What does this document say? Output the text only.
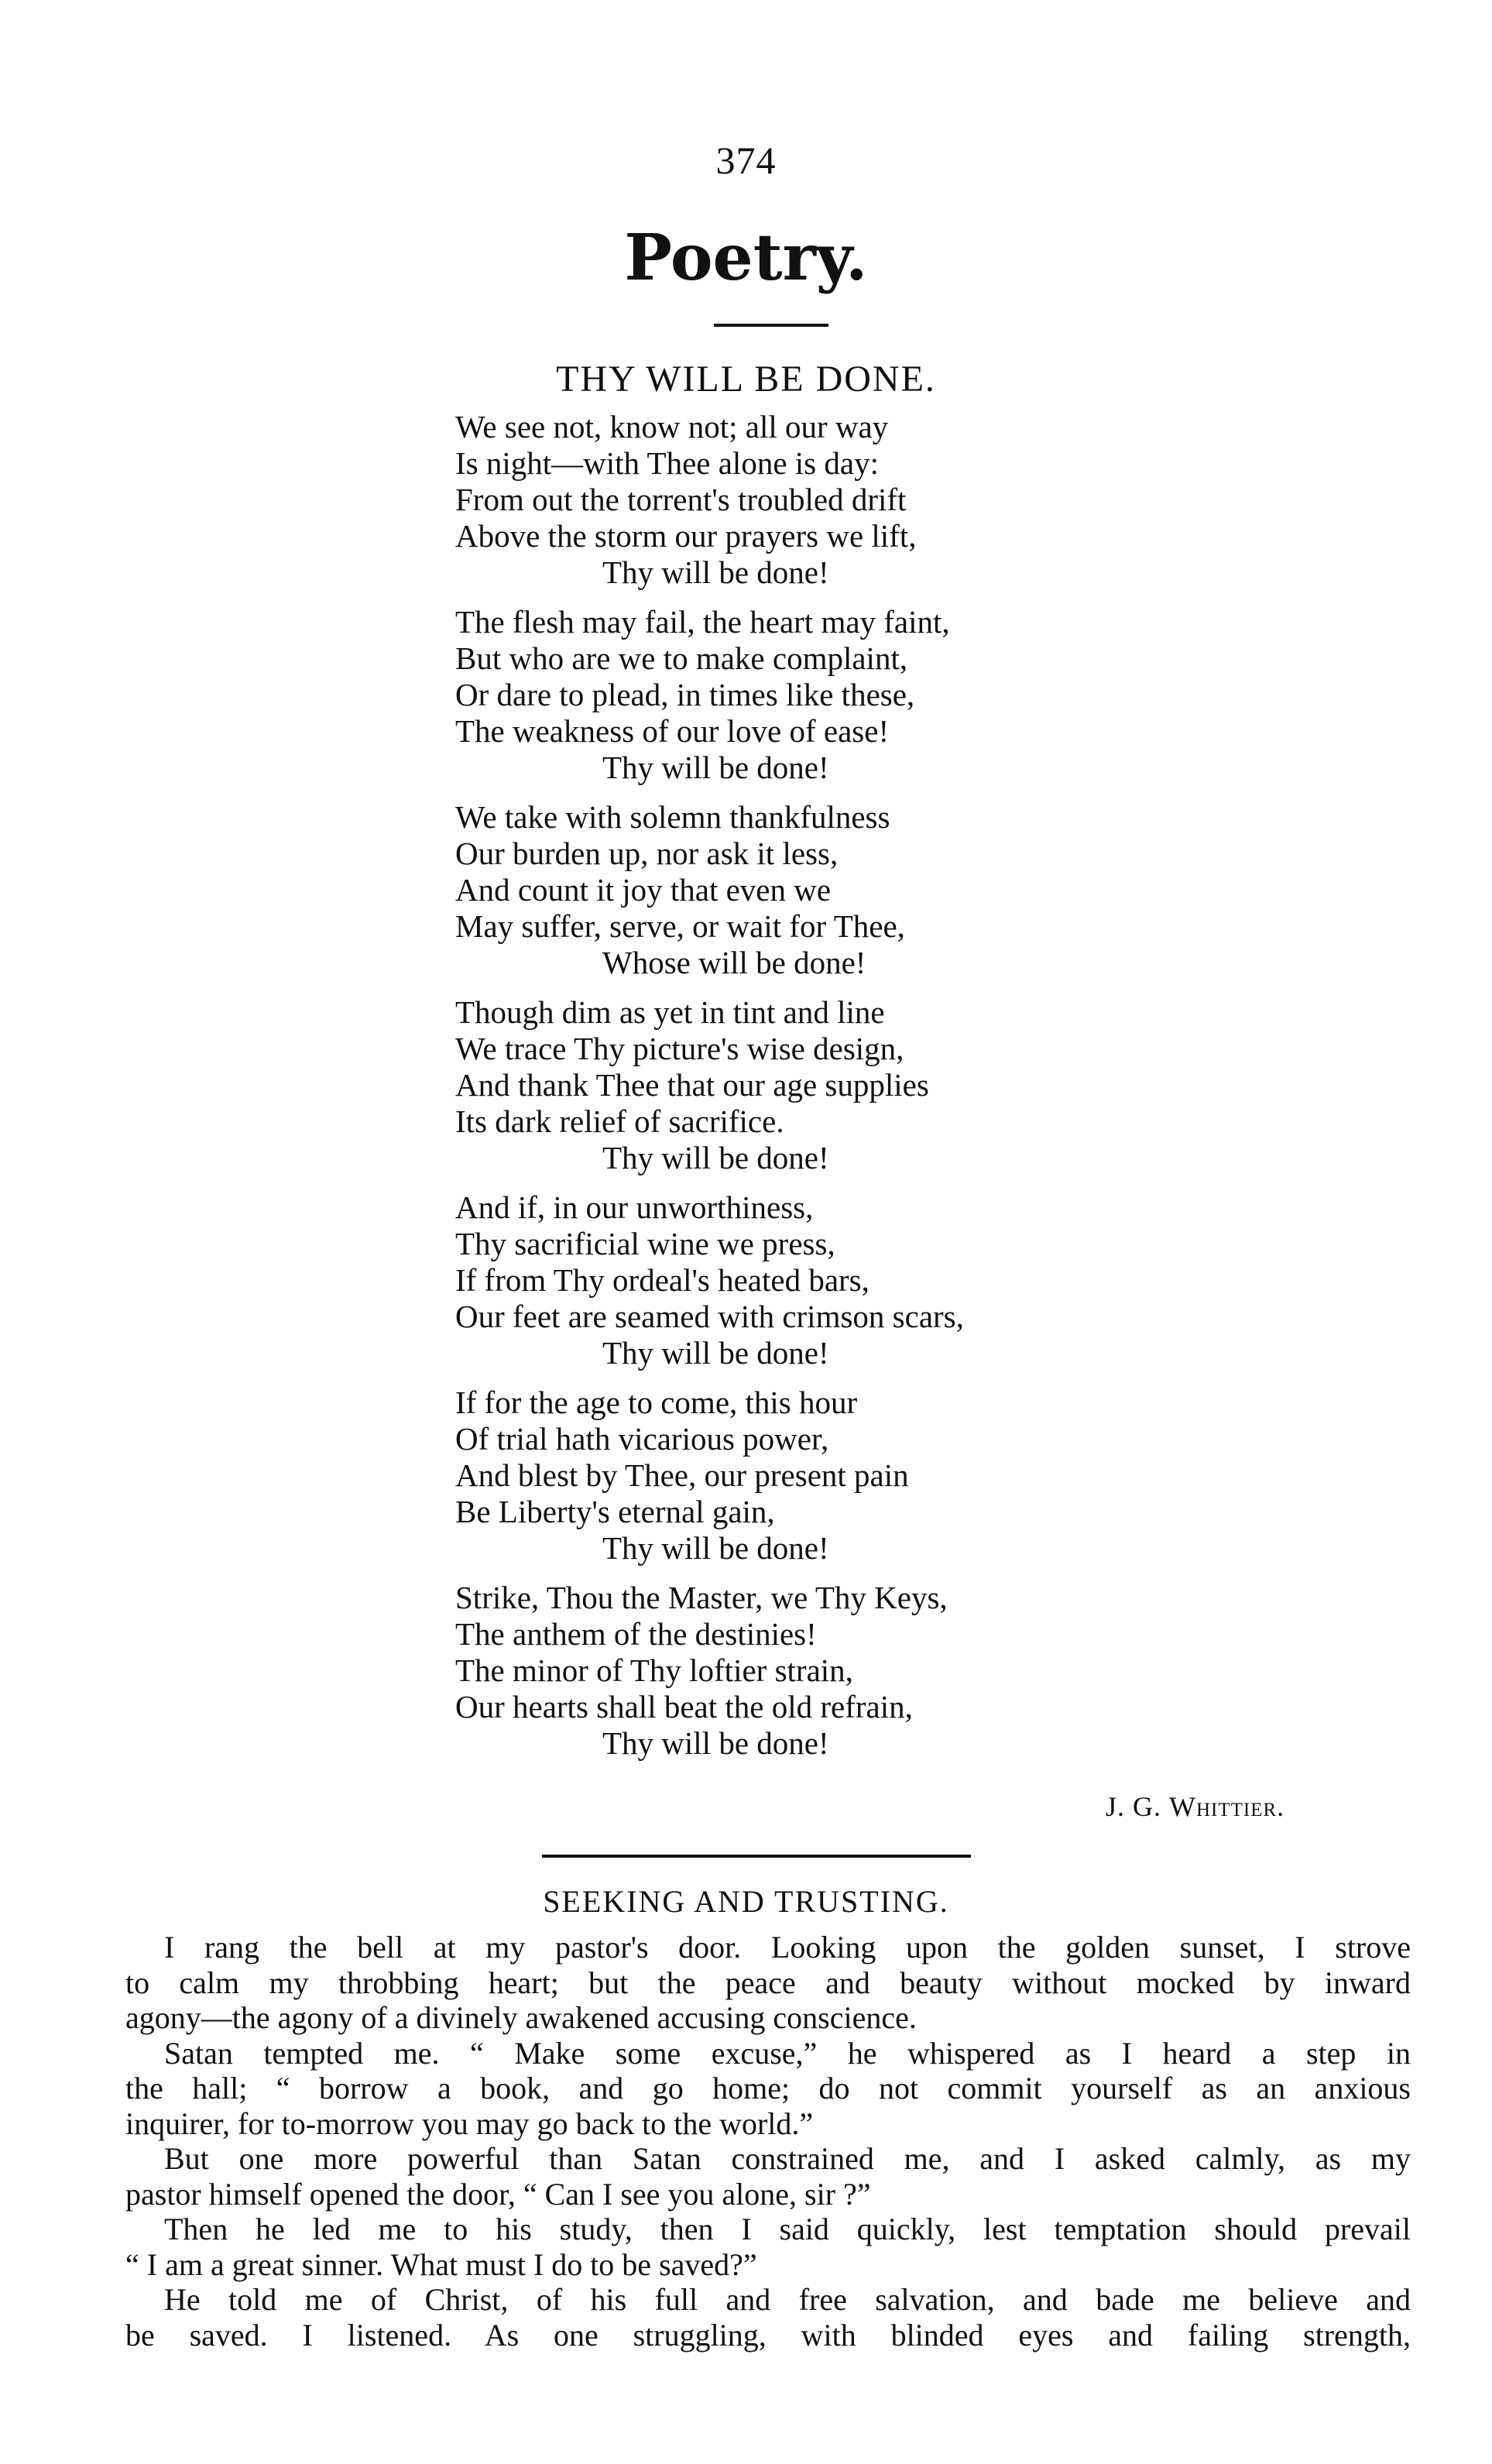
374
Poetry.
THY WILL BE DONE.
We see not, know not; all our way
Is night—with Thee alone is day:
From out the torrent's troubled drift
Above the storm our prayers we lift,
Thy will be done!
The flesh may fail, the heart may faint,
But who are we to make complaint,
Or dare to plead, in times like these,
The weakness of our love of ease!
Thy will be done!
We take with solemn thankfulness
Our burden up, nor ask it less,
And count it joy that even we
May suffer, serve, or wait for Thee,
Whose will be done!
Though dim as yet in tint and line
We trace Thy picture's wise design,
And thank Thee that our age supplies
Its dark relief of sacrifice.
Thy will be done!
And if, in our unworthiness,
Thy sacrificial wine we press,
If from Thy ordeal's heated bars,
Our feet are seamed with crimson scars,
Thy will be done!
If for the age to come, this hour
Of trial hath vicarious power,
And blest by Thee, our present pain
Be Liberty's eternal gain,
Thy will be done!
Strike, Thou the Master, we Thy Keys,
The anthem of the destinies!
The minor of Thy loftier strain,
Our hearts shall beat the old refrain,
Thy will be done!
J. G. Whittier.
SEEKING AND TRUSTING.
I rang the bell at my pastor's door. Looking upon the golden sunset, I strove
to calm my throbbing heart; but the peace and beauty without mocked by inward
agony—the agony of a divinely awakened accusing conscience.
Satan tempted me. “ Make some excuse,” he whispered as I heard a step in
the hall; “ borrow a book, and go home; do not commit yourself as an anxious
inquirer, for to-morrow you may go back to the world.”
But one more powerful than Satan constrained me, and I asked calmly, as my
pastor himself opened the door, “ Can I see you alone, sir ?”
Then he led me to his study, then I said quickly, lest temptation should prevail
“ I am a great sinner. What must I do to be saved?”
He told me of Christ, of his full and free salvation, and bade me believe and
be saved. I listened. As one struggling, with blinded eyes and failing strength,
